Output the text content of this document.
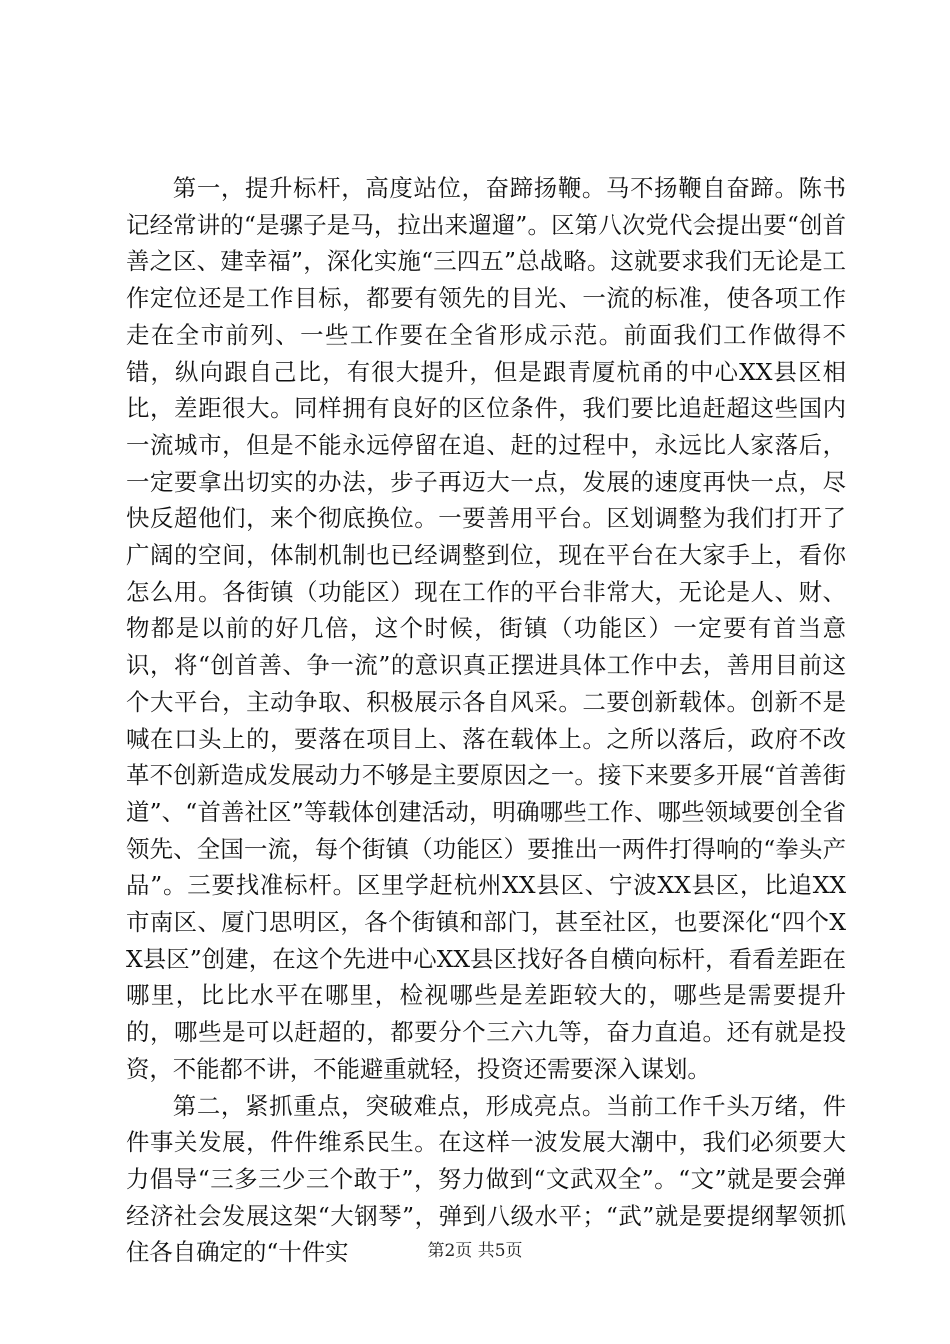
第一，提升标杆，高度站位，奋蹄扬鞭。马不扬鞭自奋蹄。陈书记经常讲的“是骡子是马，拉出来遛遛”。区第八次党代会提出要“创首善之区、建幸福”，深化实施“三四五”总战略。这就要求我们无论是工作定位还是工作目标，都要有领先的目光、一流的标准，使各项工作走在全市前列、一些工作要在全省形成示范。前面我们工作做得不错，纵向跟自己比，有很大提升，但是跟青厦杭甬的中心XX县区相比，差距很大。同样拥有良好的区位条件，我们要比追赶超这些国内一流城市，但是不能永远停留在追、赶的过程中，永远比人家落后，一定要拿出切实的办法，步子再迈大一点，发展的速度再快一点，尽快反超他们，来个彻底换位。一要善用平台。区划调整为我们打开了广阔的空间，体制机制也已经调整到位，现在平台在大家手上，看你怎么用。各街镇（功能区）现在工作的平台非常大，无论是人、财、物都是以前的好几倍，这个时候，街镇（功能区）一定要有首当意识，将“创首善、争一流”的意识真正摆进具体工作中去，善用目前这个大平台，主动争取、积极展示各自风采。二要创新载体。创新不是喊在口头上的，要落在项目上、落在载体上。之所以落后，政府不改革不创新造成发展动力不够是主要原因之一。接下来要多开展“首善街道”、“首善社区”等载体创建活动，明确哪些工作、哪些领域要创全省领先、全国一流，每个街镇（功能区）要推出一两件打得响的“拳头产品”。三要找准标杆。区里学赶杭州XX县区、宁波XX县区，比追XX市南区、厦门思明区，各个街镇和部门，甚至社区，也要深化“四个XX县区”创建，在这个先进中心XX县区找好各自横向标杆，看看差距在哪里，比比水平在哪里，检视哪些是差距较大的，哪些是需要提升的，哪些是可以赶超的，都要分个三六九等，奋力直追。还有就是投资，不能都不讲，不能避重就轻，投资还需要深入谋划。

第二，紧抓重点，突破难点，形成亮点。当前工作千头万绪，件件事关发展，件件维系民生。在这样一波发展大潮中，我们必须要大力倡导“三多三少三个敢于”，努力做到“文武双全”。“文”就是要会弹经济社会发展这架“大钢琴”，弹到八级水平；“武”就是要提纲挈领抓住各自确定的“十件实	第2页 共5页
